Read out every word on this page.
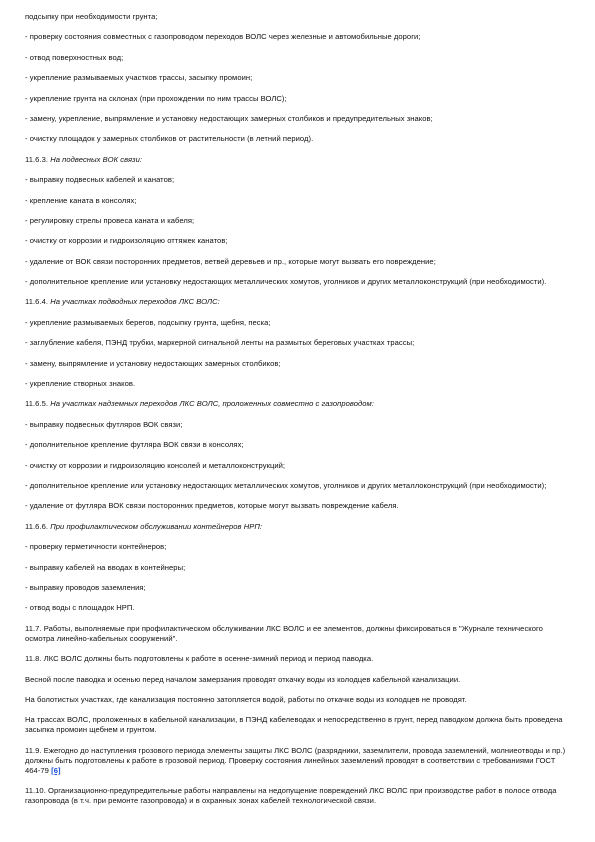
подсыпку при необходимости грунта;

- проверку состояния совместных с газопроводом переходов ВОЛС через железные и автомобильные дороги;

- отвод поверхностных вод;

- укрепление размываемых участков трассы, засыпку промоин;

- укрепление грунта на склонах (при прохождении по ним трассы ВОЛС);

- замену, укрепление, выпрямление и установку недостающих замерных столбиков и предупредительных знаков;

- очистку площадок у замерных столбиков от растительности (в летний период).

11.6.3. На подвесных ВОК связи:

- выправку подвесных кабелей и канатов;

- крепление каната в консолях;

- регулировку стрелы провеса каната и кабеля;

- очистку от коррозии и гидроизоляцию оттяжек канатов;

- удаление от ВОК связи посторонних предметов, ветвей деревьев и пр., которые могут вызвать его повреждение;

- дополнительное крепление или установку недостающих металлических хомутов, уголников и других металлоконструкций (при необходимости).

11.6.4. На участках подводных переходов ЛКС ВОЛС:

- укрепление размываемых берегов, подсыпку грунта, щебня, песка;

- заглубление кабеля, ПЭНД трубки, маркерной сигнальной ленты на размытых береговых участках трассы;

- замену, выпрямление и установку недостающих замерных столбиков;

- укрепление створных знаков.

11.6.5. На участках надземных переходов ЛКС ВОЛС, проложенных совместно с газопроводом:

- выправку подвесных футляров ВОК связи;

- дополнительное крепление футляра ВОК связи в консолях;

- очистку от коррозии и гидроизоляцию консолей и металлоконструкций;

- дополнительное крепление или установку недостающих металлических хомутов, уголников и других металлоконструкций (при необходимости);

- удаление от футляра ВОК связи посторонних предметов, которые могут вызвать повреждение кабеля.

11.6.6. При профилактическом обслуживании контейнеров НРП:

- проверку герметичности контейнеров;

- выправку кабелей на вводах в контейнеры;

- выправку проводов заземления;

- отвод воды с площадок НРП.

11.7. Работы, выполняемые при профилактическом обслуживании ЛКС ВОЛС и ее элементов, должны фиксироваться в "Журнале технического осмотра линейно-кабельных сооружений".

11.8. ЛКС ВОЛС должны быть подготовлены к работе в осенне-зимний период и период паводка.

Весной после паводка и осенью перед началом замерзания проводят откачку воды из колодцев кабельной канализации.

На болотистых участках, где канализация постоянно затопляется водой, работы по откачке воды из колодцев не проводят.

На трассах ВОЛС, проложенных в кабельной канализации, в ПЭНД кабелеводах и непосредственно в грунт, перед паводком должна быть проведена засыпка промоин щебнем и грунтом.

11.9. Ежегодно до наступления грозового периода элементы защиты ЛКС ВОЛС (разрядники, заземлители, провода заземлений, молниеотводы и пр.) должны быть подготовлены к работе в грозовой период. Проверку состояния линейных заземлений проводят в соответствии с требованиями ГОСТ 464-79 [6]

11.10. Организационно-предупредительные работы направлены на недопущение повреждений ЛКС ВОЛС при производстве работ в полосе отвода газопровода (в т.ч. при ремонте газопровода) и в охранных зонах кабелей технологической связи.
